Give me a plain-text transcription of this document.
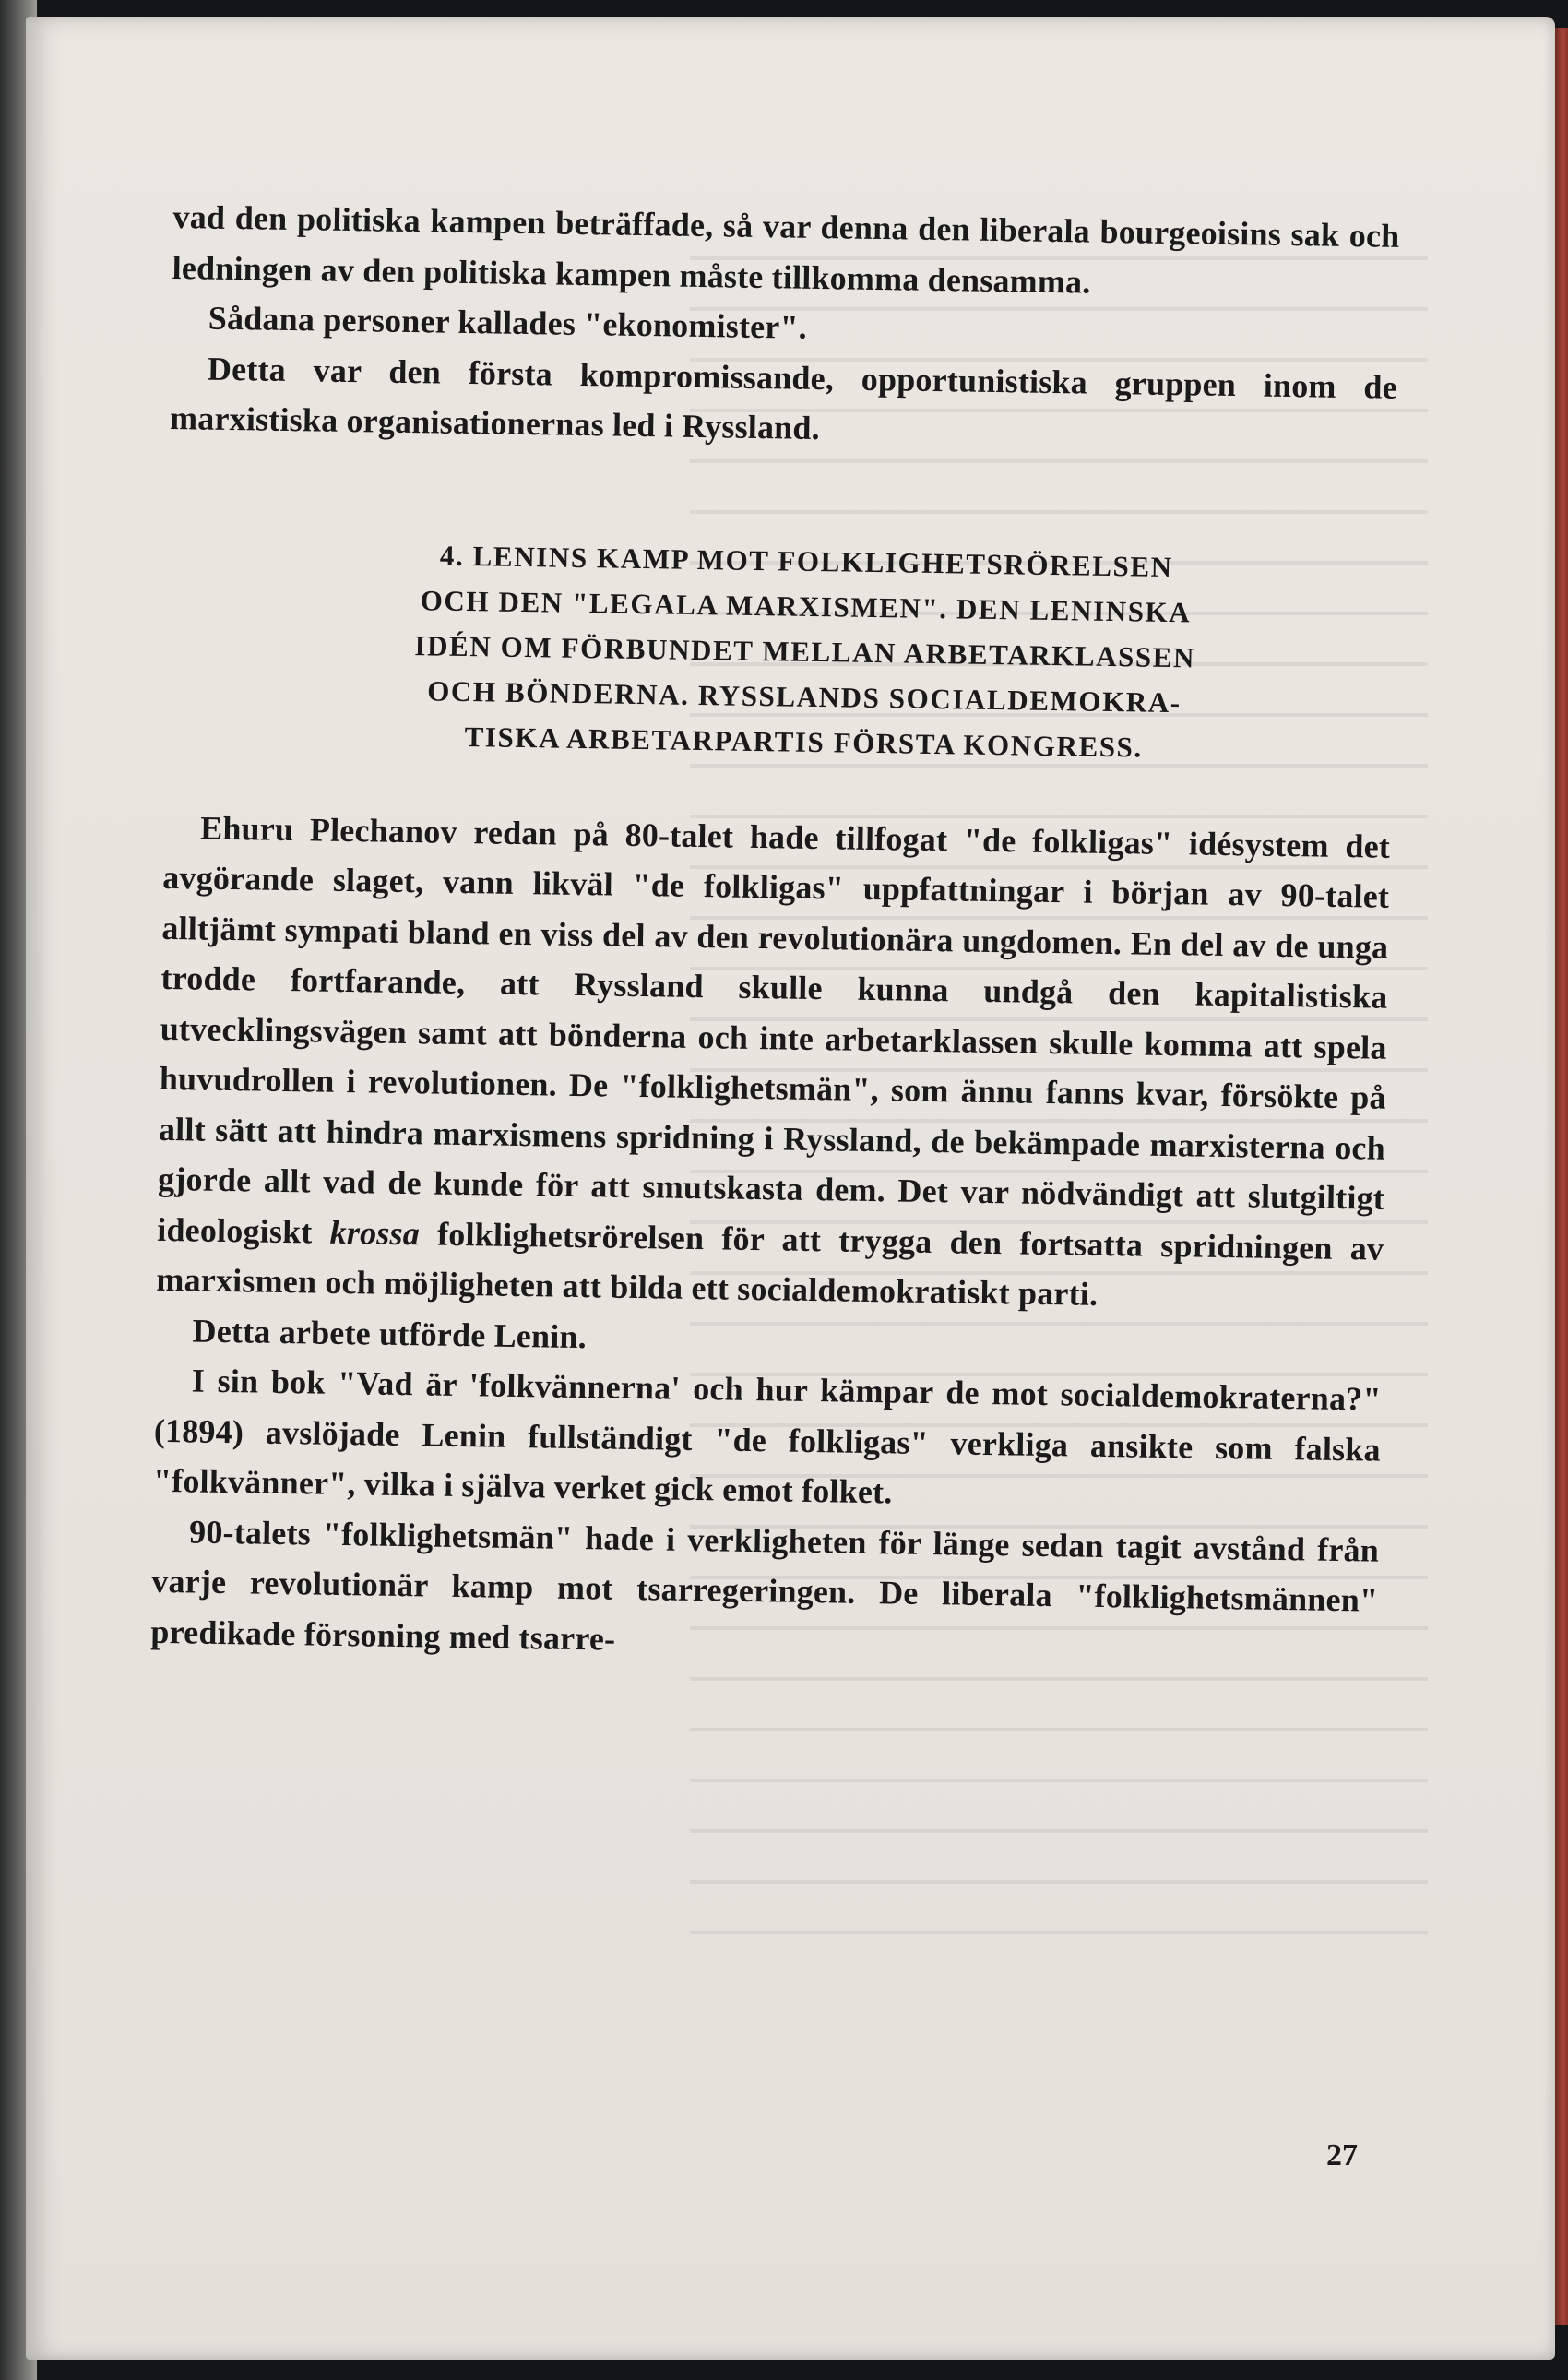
vad den politiska kampen beträffade, så var denna den liberala bourgeoisins sak och ledningen av den politiska kampen måste tillkomma densamma.

Sådana personer kallades "ekonomister".

Detta var den första kompromissande, opportunistiska gruppen inom de marxistiska organisationernas led i Ryssland.

4. LENINS KAMP MOT FOLKLIGHETSRÖRELSEN
OCH DEN "LEGALA MARXISMEN". DEN LENINSKA
IDÉN OM FÖRBUNDET MELLAN ARBETARKLASSEN
OCH BÖNDERNA. RYSSLANDS SOCIALDEMOKRA-
TISKA ARBETARPARTIS FÖRSTA KONGRESS.

Ehuru Plechanov redan på 80-talet hade tillfogat "de folkligas" idésystem det avgörande slaget, vann likväl "de folkligas" uppfattningar i början av 90-talet alltjämt sympati bland en viss del av den revolutionära ungdomen. En del av de unga trodde fortfarande, att Ryssland skulle kunna undgå den kapitalistiska utvecklingsvägen samt att bönderna och inte arbetarklassen skulle komma att spela huvudrollen i revolutionen. De "folklighetsmän", som ännu fanns kvar, försökte på allt sätt att hindra marxismens spridning i Ryssland, de bekämpade marxisterna och gjorde allt vad de kunde för att smutskasta dem. Det var nödvändigt att slutgiltigt ideologiskt krossa folklighetsrörelsen för att trygga den fortsatta spridningen av marxismen och möjligheten att bilda ett socialdemokratiskt parti.

Detta arbete utförde Lenin.

I sin bok "Vad är 'folkvännerna' och hur kämpar de mot socialdemokraterna?" (1894) avslöjade Lenin fullständigt "de folkligas" verkliga ansikte som falska "folkvänner", vilka i själva verket gick emot folket.

90-talets "folklighetsmän" hade i verkligheten för länge sedan tagit avstånd från varje revolutionär kamp mot tsarregeringen. De liberala "folklighetsmännen" predikade försoning med tsarre-

27
